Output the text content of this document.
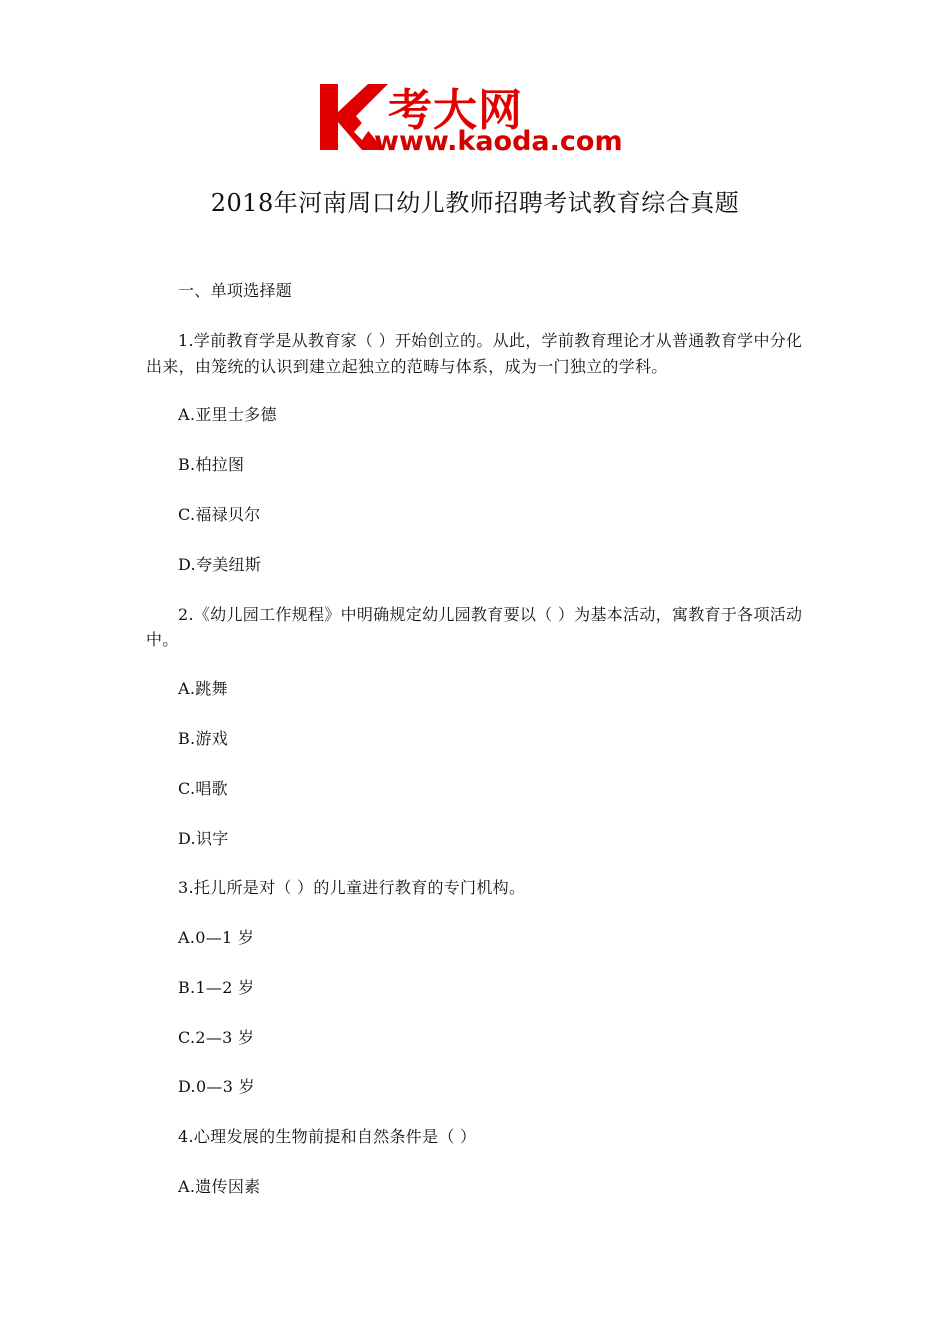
考大网
www.kaoda.com
2018年河南周口幼儿教师招聘考试教育综合真题
一、单项选择题
1.学前教育学是从教育家（ ）开始创立的。从此，学前教育理论才从普通教育学中分化
出来，由笼统的认识到建立起独立的范畴与体系，成为一门独立的学科。
A.亚里士多德
B.柏拉图
C.福禄贝尔
D.夸美纽斯
2.《幼儿园工作规程》中明确规定幼儿园教育要以（ ）为基本活动，寓教育于各项活动
中。
A.跳舞
B.游戏
C.唱歌
D.识字
3.托儿所是对（ ）的儿童进行教育的专门机构。
A.0—1 岁
B.1—2 岁
C.2—3 岁
D.0—3 岁
4.心理发展的生物前提和自然条件是（ ）
A.遗传因素
